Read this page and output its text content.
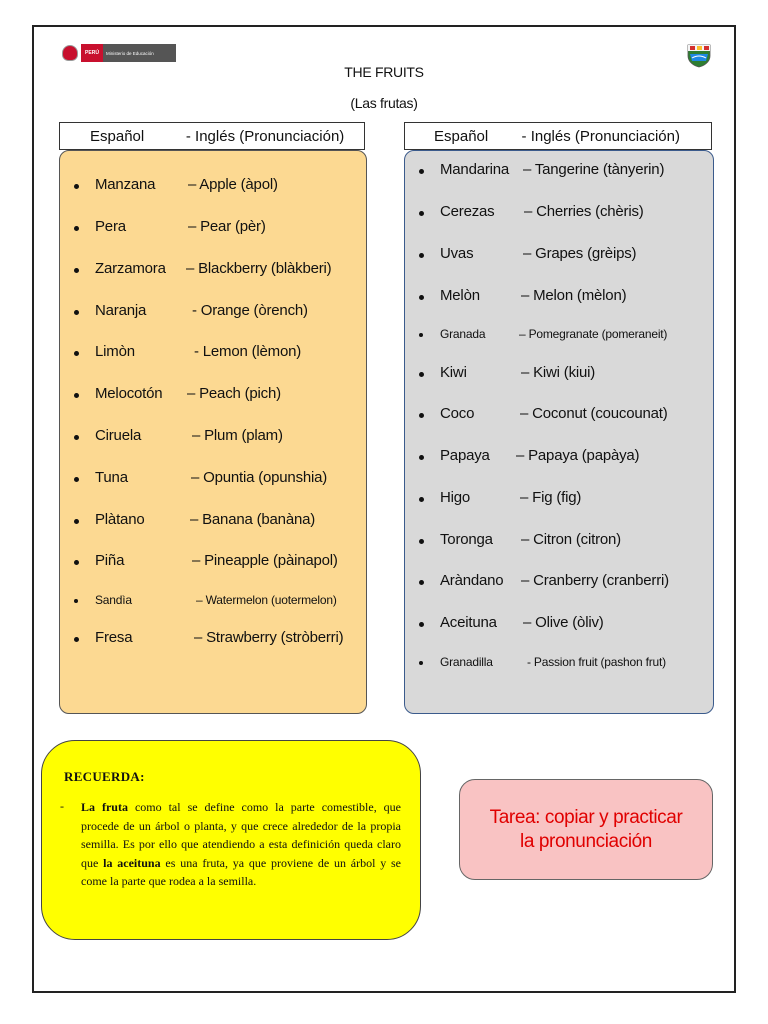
PERÚ	Ministerio de Educación
THE FRUITS
(Las frutas)
Español          - Inglés (Pronunciación)	Español        - Inglés (Pronunciación)
Manzana – Apple (àpol)
Pera	– Pear (pèr)
Zarzamora – Blackberry (blàkberi)
Naranja	- Orange (òrench)
Limòn	- Lemon (lèmon)
Melocotón – Peach (pich)
Ciruela	– Plum (plam)
Tuna	– Opuntia (opunshia)
Plàtano	– Banana (banàna)
Piña	– Pineapple (pàinapol)
Sandìa	– Watermelon (uotermelon)
Fresa	– Strawberry (stròberri)
Mandarina – Tangerine (tànyerin)
Cerezas – Cherries (chèris)
Uvas	– Grapes (grèips)
Melòn	– Melon (mèlon)
Granada	– Pomegranate (pomeraneit)
Kiwi	– Kiwi (kiui)
Coco	– Coconut (coucounat)
Papaya – Papaya (papàya)
Higo	– Fig (fig)
Toronga – Citron (citron)
Aràndano – Cranberry (cranberri)
Aceituna – Olive (òliv)
Granadilla	- Passion fruit (pashon frut)
RECUERDA:
- La fruta como tal se define como la parte comestible, que procede de un árbol o planta, y que crece alrededor de la propia semilla. Es por ello que atendiendo a esta definición queda claro que la aceituna es una fruta, ya que proviene de un árbol y se come la parte que rodea a la semilla.
Tarea: copiar y practicar
la pronunciación
